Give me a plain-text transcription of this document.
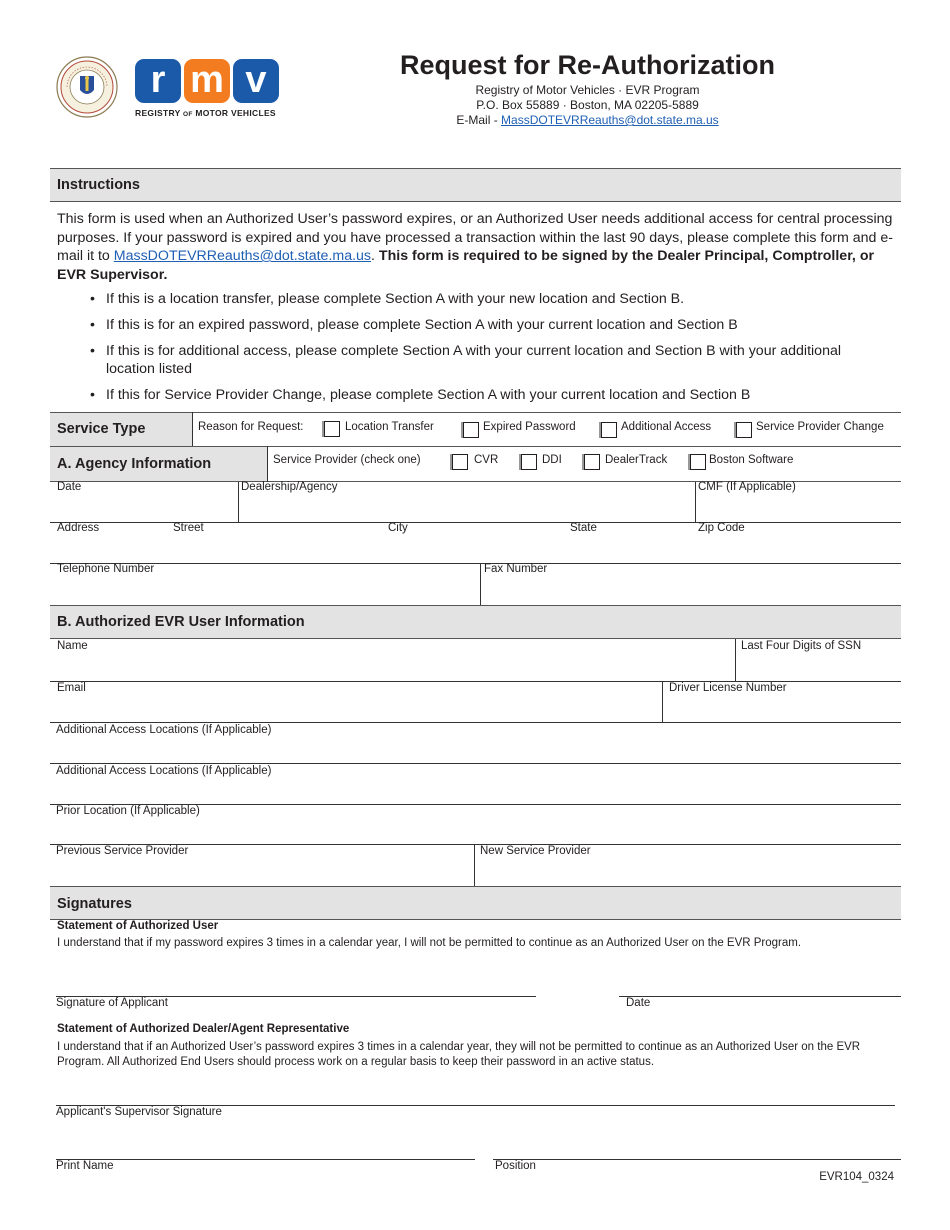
r m v
REGISTRY OF MOTOR VEHICLES
Request for Re-Authorization
Registry of Motor Vehicles · EVR Program
P.O. Box 55889 · Boston, MA 02205-5889
E-Mail - MassDOTEVRReauths@dot.state.ma.us
Instructions
This form is used when an Authorized User’s password expires, or an Authorized User needs additional access for central processing purposes. If your password is expired and you have processed a transaction within the last 90 days, please complete this form and e-mail it to MassDOTEVRReauths@dot.state.ma.us. This form is required to be signed by the Dealer Principal, Comptroller, or EVR Supervisor.
• If this is a location transfer, please complete Section A with your new location and Section B.
• If this is for an expired password, please complete Section A with your current location and Section B
• If this is for additional access, please complete Section A with your current location and Section B with your additional location listed
• If this for Service Provider Change, please complete Section A with your current location and Section B
Service Type	Reason for Request:	Location Transfer	Expired Password	Additional Access	Service Provider Change
A. Agency Information	Service Provider (check one)	CVR	DDI	DealerTrack	Boston Software
Date	Dealership/Agency	CMF (If Applicable)
Address	Street	City	State	Zip Code
Telephone Number	Fax Number
B. Authorized EVR User Information
Name	Last Four Digits of SSN
Email	Driver License Number
Additional Access Locations (If Applicable)
Additional Access Locations (If Applicable)
Prior Location (If Applicable)
Previous Service Provider	New Service Provider
Signatures
Statement of Authorized User
I understand that if my password expires 3 times in a calendar year, I will not be permitted to continue as an Authorized User on the EVR Program.
Signature of Applicant	Date
Statement of Authorized Dealer/Agent Representative
I understand that if an Authorized User’s password expires 3 times in a calendar year, they will not be permitted to continue as an Authorized User on the EVR Program. All Authorized End Users should process work on a regular basis to keep their password in an active status.
Applicant's Supervisor Signature
Print Name	Position
EVR104_0324
